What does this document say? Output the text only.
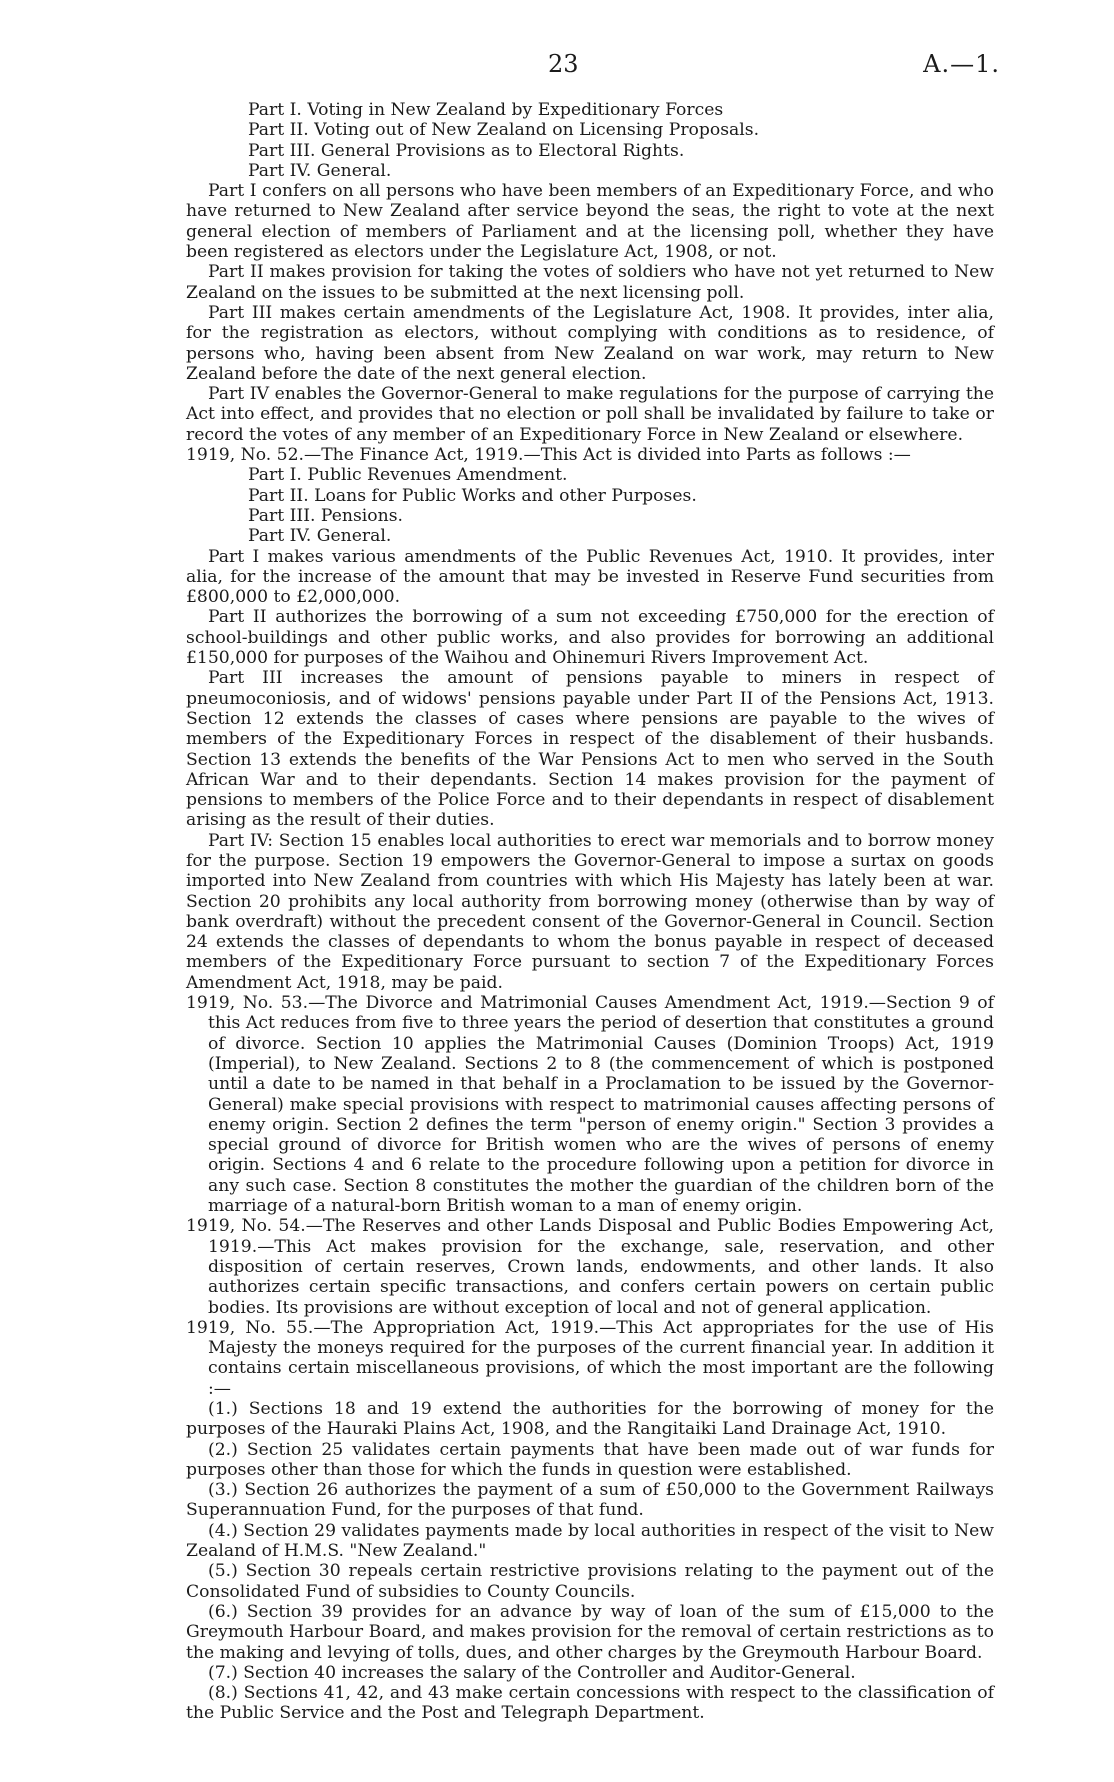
23	A.—1.
Part I. Voting in New Zealand by Expeditionary Forces
Part II. Voting out of New Zealand on Licensing Proposals.
Part III. General Provisions as to Electoral Rights.
Part IV. General.

Part I confers on all persons who have been members of an Expeditionary Force, and who have returned to New Zealand after service beyond the seas, the right to vote at the next general election of members of Parliament and at the licensing poll, whether they have been registered as electors under the Legislature Act, 1908, or not.

Part II makes provision for taking the votes of soldiers who have not yet returned to New Zealand on the issues to be submitted at the next licensing poll.

Part III makes certain amendments of the Legislature Act, 1908. It provides, inter alia, for the registration as electors, without complying with conditions as to residence, of persons who, having been absent from New Zealand on war work, may return to New Zealand before the date of the next general election.

Part IV enables the Governor-General to make regulations for the purpose of carrying the Act into effect, and provides that no election or poll shall be invalidated by failure to take or record the votes of any member of an Expeditionary Force in New Zealand or elsewhere.

1919, No. 52.—The Finance Act, 1919.—This Act is divided into Parts as follows :—

Part I. Public Revenues Amendment.
Part II. Loans for Public Works and other Purposes.
Part III. Pensions.
Part IV. General.

Part I makes various amendments of the Public Revenues Act, 1910. It provides, inter alia, for the increase of the amount that may be invested in Reserve Fund securities from £800,000 to £2,000,000.

Part II authorizes the borrowing of a sum not exceeding £750,000 for the erection of school-buildings and other public works, and also provides for borrowing an additional £150,000 for purposes of the Waihou and Ohinemuri Rivers Improvement Act.

Part III increases the amount of pensions payable to miners in respect of pneumoconiosis, and of widows' pensions payable under Part II of the Pensions Act, 1913. Section 12 extends the classes of cases where pensions are payable to the wives of members of the Expeditionary Forces in respect of the disablement of their husbands. Section 13 extends the benefits of the War Pensions Act to men who served in the South African War and to their dependants. Section 14 makes provision for the payment of pensions to members of the Police Force and to their dependants in respect of disablement arising as the result of their duties.

Part IV: Section 15 enables local authorities to erect war memorials and to borrow money for the purpose. Section 19 empowers the Governor-General to impose a surtax on goods imported into New Zealand from countries with which His Majesty has lately been at war. Section 20 prohibits any local authority from borrowing money (otherwise than by way of bank overdraft) without the precedent consent of the Governor-General in Council. Section 24 extends the classes of dependants to whom the bonus payable in respect of deceased members of the Expeditionary Force pursuant to section 7 of the Expeditionary Forces Amendment Act, 1918, may be paid.

1919, No. 53.—The Divorce and Matrimonial Causes Amendment Act, 1919.—Section 9 of this Act reduces from five to three years the period of desertion that constitutes a ground of divorce. Section 10 applies the Matrimonial Causes (Dominion Troops) Act, 1919 (Imperial), to New Zealand. Sections 2 to 8 (the commencement of which is postponed until a date to be named in that behalf in a Proclamation to be issued by the Governor-General) make special provisions with respect to matrimonial causes affecting persons of enemy origin. Section 2 defines the term "person of enemy origin." Section 3 provides a special ground of divorce for British women who are the wives of persons of enemy origin. Sections 4 and 6 relate to the procedure following upon a petition for divorce in any such case. Section 8 constitutes the mother the guardian of the children born of the marriage of a natural-born British woman to a man of enemy origin.

1919, No. 54.—The Reserves and other Lands Disposal and Public Bodies Empowering Act, 1919.—This Act makes provision for the exchange, sale, reservation, and other disposition of certain reserves, Crown lands, endowments, and other lands. It also authorizes certain specific transactions, and confers certain powers on certain public bodies. Its provisions are without exception of local and not of general application.

1919, No. 55.—The Appropriation Act, 1919.—This Act appropriates for the use of His Majesty the moneys required for the purposes of the current financial year. In addition it contains certain miscellaneous provisions, of which the most important are the following :—

(1.) Sections 18 and 19 extend the authorities for the borrowing of money for the purposes of the Hauraki Plains Act, 1908, and the Rangitaiki Land Drainage Act, 1910.

(2.) Section 25 validates certain payments that have been made out of war funds for purposes other than those for which the funds in question were established.

(3.) Section 26 authorizes the payment of a sum of £50,000 to the Government Railways Superannuation Fund, for the purposes of that fund.

(4.) Section 29 validates payments made by local authorities in respect of the visit to New Zealand of H.M.S. "New Zealand."

(5.) Section 30 repeals certain restrictive provisions relating to the payment out of the Consolidated Fund of subsidies to County Councils.

(6.) Section 39 provides for an advance by way of loan of the sum of £15,000 to the Greymouth Harbour Board, and makes provision for the removal of certain restrictions as to the making and levying of tolls, dues, and other charges by the Greymouth Harbour Board.

(7.) Section 40 increases the salary of the Controller and Auditor-General.

(8.) Sections 41, 42, and 43 make certain concessions with respect to the classification of the Public Service and the Post and Telegraph Department.
